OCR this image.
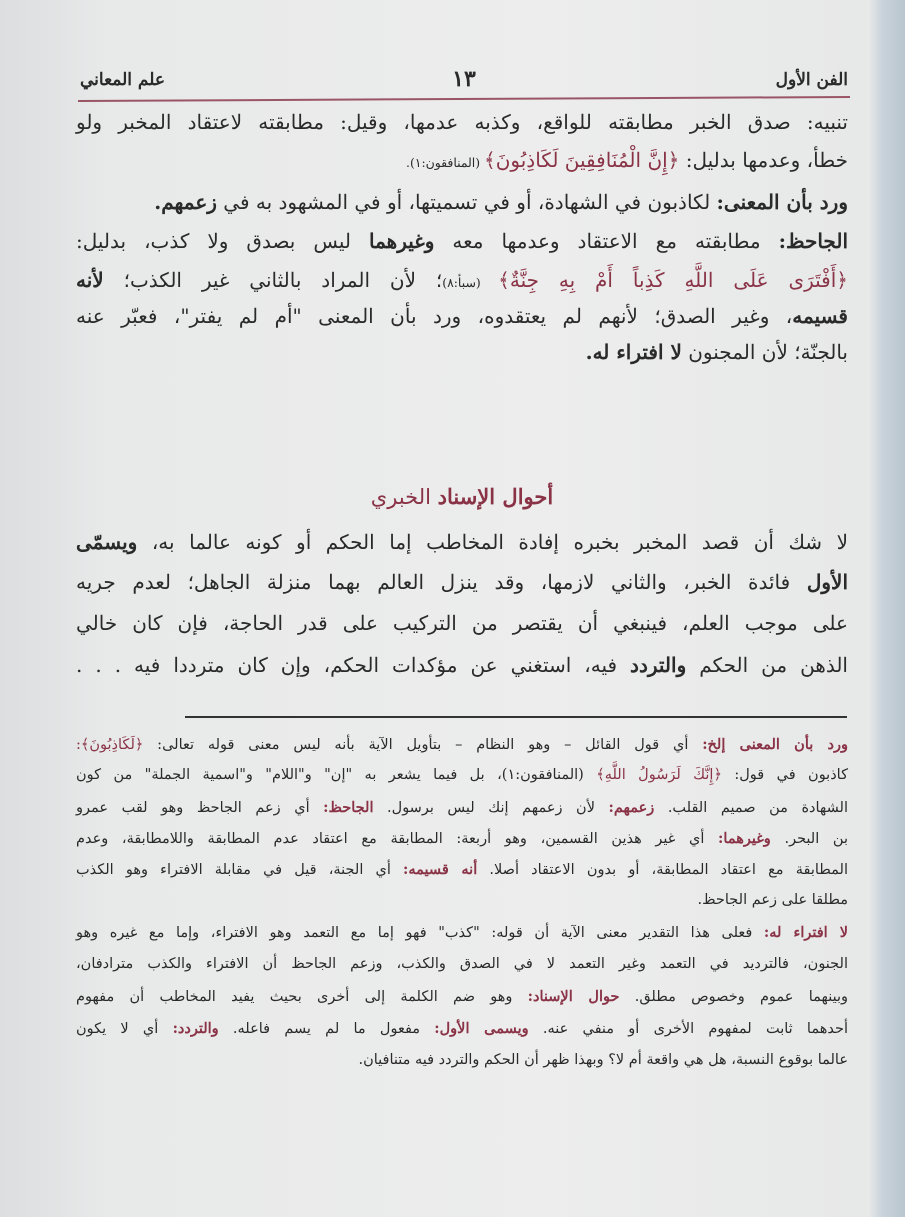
الفن الأول
١٣
علم المعاني
تنبيه: صدق الخبر مطابقته للواقع، وكذبه عدمها، وقيل: مطابقته لاعتقاد المخبر ولو
خطأ، وعدمها بدليل: ﴿إِنَّ الْمُنَافِقِينَ لَكَاذِبُونَ﴾ (المنافقون:١).
ورد بأن المعنى: لكاذبون في الشهادة، أو في تسميتها، أو في المشهود به في زعمهم.
الجاحظ: مطابقته مع الاعتقاد وعدمها معه وغيرهما ليس بصدق ولا كذب، بدليل:
﴿أَفْتَرَى عَلَى اللَّهِ كَذِباً أَمْ بِهِ جِنَّةٌ﴾ (سبأ:٨)؛ لأن المراد بالثاني غير الكذب؛ لأنه
قسيمه، وغير الصدق؛ لأنهم لم يعتقدوه، ورد بأن المعنى "أم لم يفتر"، فعبّر عنه
بالجنّة؛ لأن المجنون لا افتراء له.
أحوال الإسناد الخبري
لا شك أن قصد المخبر بخبره إفادة المخاطب إما الحكم أو كونه عالما به، ويسمّى
الأول فائدة الخبر، والثاني لازمها، وقد ينزل العالم بهما منزلة الجاهل؛ لعدم جريه
على موجب العلم، فينبغي أن يقتصر من التركيب على قدر الحاجة، فإن كان خالي
الذهن من الحكم والتردد فيه، استغني عن مؤكدات الحكم، وإن كان مترددا فيه . . .
ورد بأن المعنى إلخ: أي قول القائل – وهو النظام – بتأويل الآية بأنه ليس معنى قوله تعالى: ﴿لَكَاذِبُونَ﴾:
كاذبون في قول: ﴿إِنَّكَ لَرَسُولُ اللَّهِ﴾ (المنافقون:١)، بل فيما يشعر به "إن" و"اللام" و"اسمية الجملة" من كون
الشهادة من صميم القلب. زعمهم: لأن زعمهم إنك ليس برسول. الجاحظ: أي زعم الجاحظ وهو لقب عمرو
بن البحر. وغيرهما: أي غير هذين القسمين، وهو أربعة: المطابقة مع اعتقاد عدم المطابقة واللامطابقة، وعدم
المطابقة مع اعتقاد المطابقة، أو بدون الاعتقاد أصلا. أنه قسيمه: أي الجنة، قيل في مقابلة الافتراء وهو الكذب
مطلقا على زعم الجاحظ.
لا افتراء له: فعلى هذا التقدير معنى الآية أن قوله: "كذب" فهو إما مع التعمد وهو الافتراء، وإما مع غيره وهو
الجنون، فالترديد في التعمد وغير التعمد لا في الصدق والكذب، وزعم الجاحظ أن الافتراء والكذب مترادفان،
وبينهما عموم وخصوص مطلق. حوال الإسناد: وهو ضم الكلمة إلى أخرى بحيث يفيد المخاطب أن مفهوم
أحدهما ثابت لمفهوم الأخرى أو منفي عنه. ويسمى الأول: مفعول ما لم يسم فاعله. والتردد: أي لا يكون
عالما بوقوع النسبة، هل هي واقعة أم لا؟ وبهذا ظهر أن الحكم والتردد فيه متنافيان.
